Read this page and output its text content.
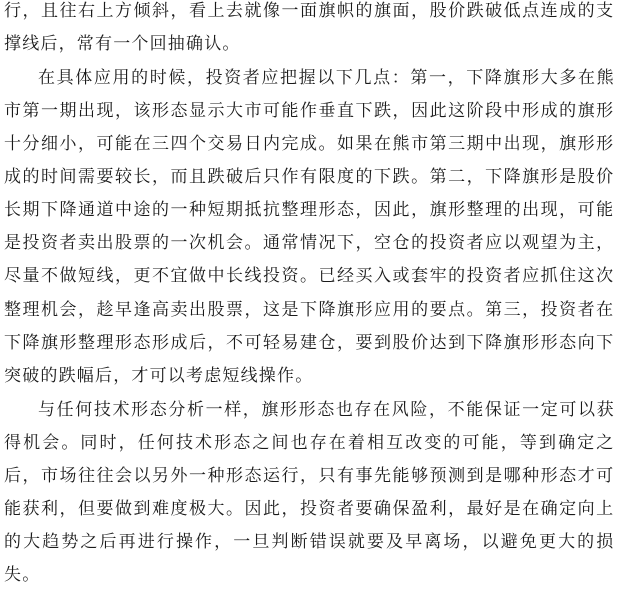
行，且往右上方倾斜，看上去就像一面旗帜的旗面，股价跌破低点连成的支

撑线后，常有一个回抽确认。

在具体应用的时候，投资者应把握以下几点：第一，下降旗形大多在熊

市第一期出现，该形态显示大市可能作垂直下跌，因此这阶段中形成的旗形

十分细小，可能在三四个交易日内完成。如果在熊市第三期中出现，旗形形

成的时间需要较长，而且跌破后只作有限度的下跌。第二，下降旗形是股价

长期下降通道中途的一种短期抵抗整理形态，因此，旗形整理的出现，可能

是投资者卖出股票的一次机会。通常情况下，空仓的投资者应以观望为主，

尽量不做短线，更不宜做中长线投资。已经买入或套牢的投资者应抓住这次

整理机会，趁早逢高卖出股票，这是下降旗形应用的要点。第三，投资者在

下降旗形整理形态形成后，不可轻易建仓，要到股价达到下降旗形形态向下

突破的跌幅后，才可以考虑短线操作。

与任何技术形态分析一样，旗形形态也存在风险，不能保证一定可以获

得机会。同时，任何技术形态之间也存在着相互改变的可能，等到确定之

后，市场往往会以另外一种形态运行，只有事先能够预测到是哪种形态才可

能获利，但要做到难度极大。因此，投资者要确保盈利，最好是在确定向上

的大趋势之后再进行操作，一旦判断错误就要及早离场，以避免更大的损

失。
